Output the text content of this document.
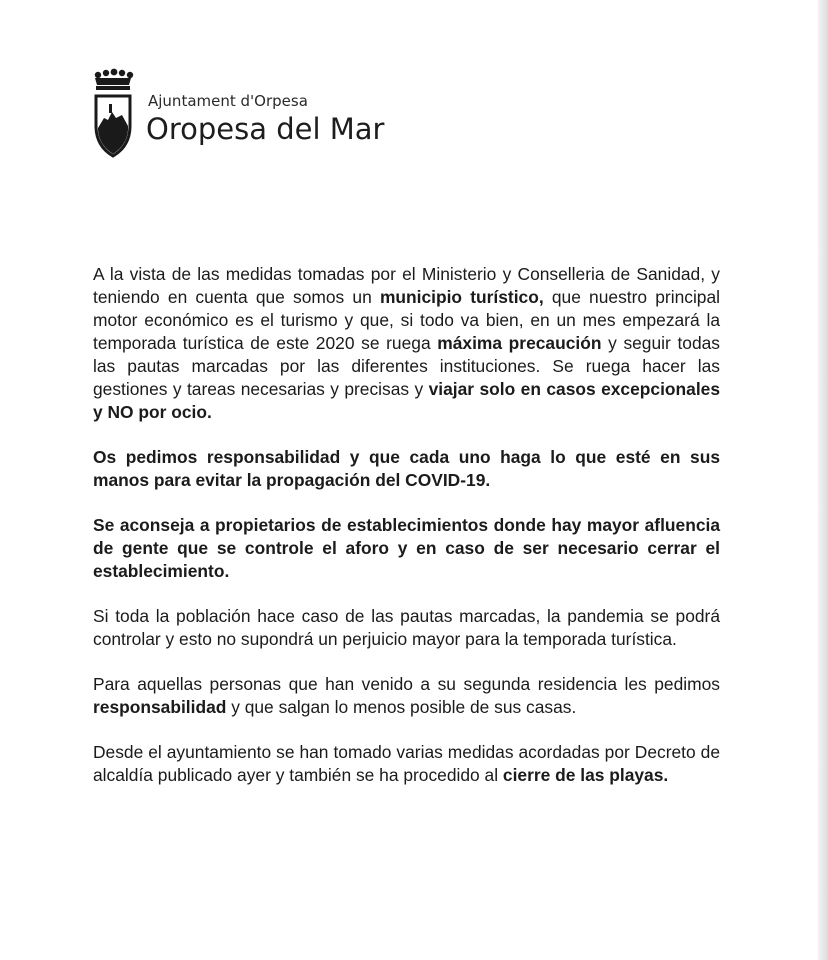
Ajuntament d'Orpesa
Oropesa del Mar

A la vista de las medidas tomadas por el Ministerio y Conselleria de Sanidad, y teniendo en cuenta que somos un municipio turístico, que nuestro principal motor económico es el turismo y que, si todo va bien, en un mes empezará la temporada turística de este 2020 se ruega máxima precaución y seguir todas las pautas marcadas por las diferentes instituciones. Se ruega hacer las gestiones y tareas necesarias y precisas y viajar solo en casos excepcionales y NO por ocio.

Os pedimos responsabilidad y que cada uno haga lo que esté en sus manos para evitar la propagación del COVID-19.

Se aconseja a propietarios de establecimientos donde hay mayor afluencia de gente que se controle el aforo y en caso de ser necesario cerrar el establecimiento.

Si toda la población hace caso de las pautas marcadas, la pandemia se podrá controlar y esto no supondrá un perjuicio mayor para la temporada turística.

Para aquellas personas que han venido a su segunda residencia les pedimos responsabilidad y que salgan lo menos posible de sus casas.

Desde el ayuntamiento se han tomado varias medidas acordadas por Decreto de alcaldía publicado ayer y también se ha procedido al cierre de las playas.
